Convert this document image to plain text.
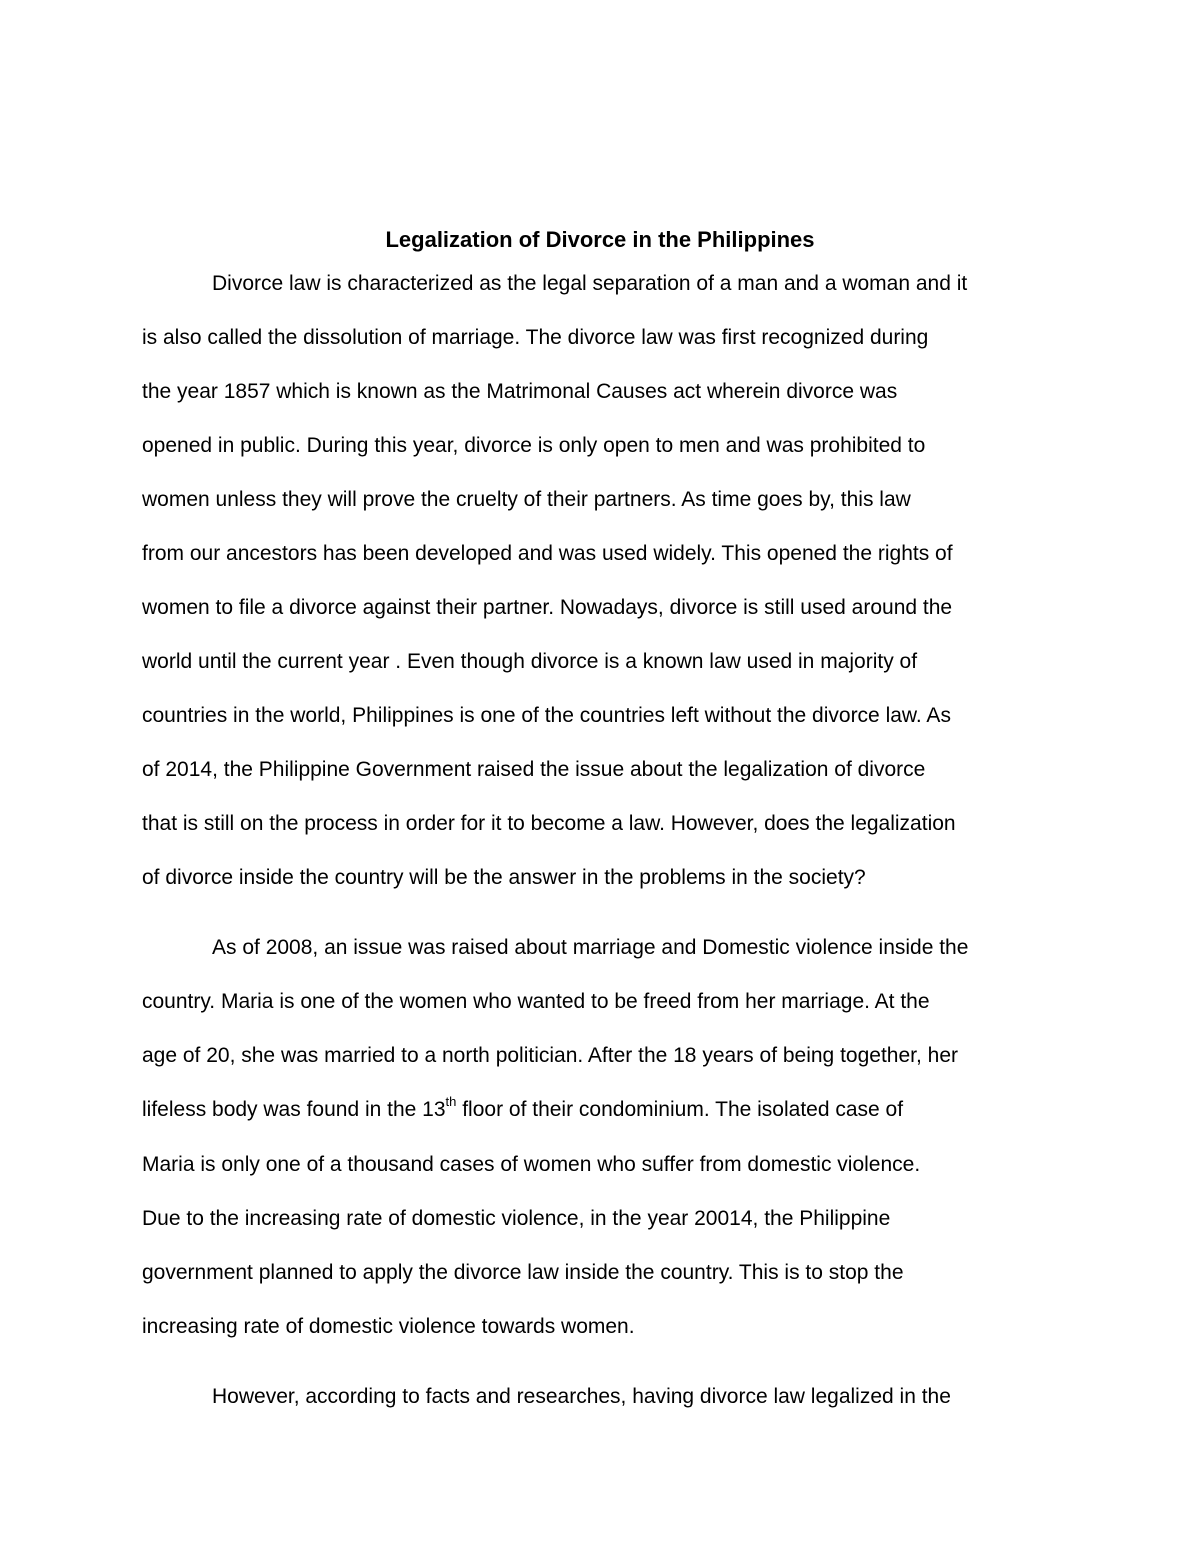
Legalization of Divorce in the Philippines
Divorce law is characterized as the legal separation of a man and a woman and it
is also called the dissolution of marriage. The divorce law was first recognized during
the year 1857 which is known as the Matrimonal Causes act wherein divorce was
opened in public. During this year, divorce is only open to men and was prohibited to
women unless they will prove the cruelty of their partners. As time goes by, this law
from our ancestors has been developed and was used widely. This opened the rights of
women to file a divorce against their partner. Nowadays, divorce is still used around the
world until the current year . Even though divorce is a known law used in majority of
countries in the world, Philippines is one of the countries left without the divorce law. As
of 2014, the Philippine Government raised the issue about the legalization of divorce
that is still on the process in order for it to become a law. However, does the legalization
of divorce inside the country will be the answer in the problems in the society?
As of 2008, an issue was raised about marriage and Domestic violence inside the
country. Maria is one of the women who wanted to be freed from her marriage. At the
age of 20, she was married to a north politician. After the 18 years of being together, her
lifeless body was found in the 13th floor of their condominium. The isolated case of
Maria is only one of a thousand cases of women who suffer from domestic violence.
Due to the increasing rate of domestic violence, in the year 20014, the Philippine
government planned to apply the divorce law inside the country. This is to stop the
increasing rate of domestic violence towards women.
However, according to facts and researches, having divorce law legalized in the
